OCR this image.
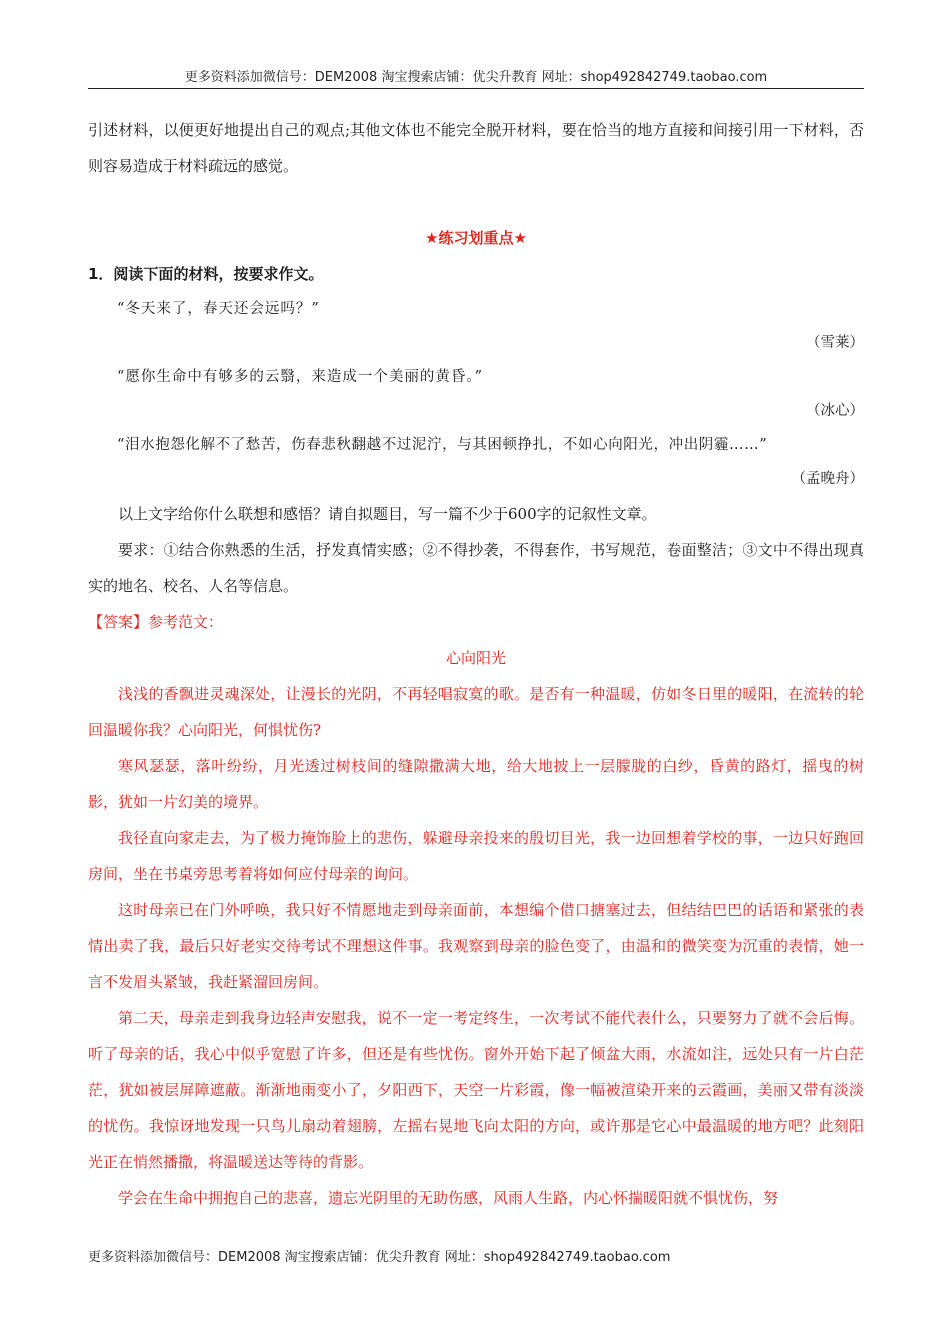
更多资料添加微信号：DEM2008 淘宝搜索店铺：优尖升教育 网址：shop492842749.taobao.com

引述材料，以便更好地提出自己的观点;其他文体也不能完全脱开材料，要在恰当的地方直接和间接引用一下材料，否则容易造成于材料疏远的感觉。

★练习划重点★
1．阅读下面的材料，按要求作文。
“冬天来了，春天还会远吗？”
（雪莱）
“愿你生命中有够多的云翳，来造成一个美丽的黄昏。”
（冰心）
“泪水抱怨化解不了愁苦，伤春悲秋翻越不过泥泞，与其困顿挣扎，不如心向阳光，冲出阴霾……”
（孟晚舟）

以上文字给你什么联想和感悟？请自拟题目，写一篇不少于600字的记叙性文章。

要求：①结合你熟悉的生活，抒发真情实感；②不得抄袭，不得套作，书写规范，卷面整洁；③文中不得出现真实的地名、校名、人名等信息。

【答案】参考范文：

心向阳光

浅浅的香飘进灵魂深处，让漫长的光阴，不再轻唱寂寞的歌。是否有一种温暖，仿如冬日里的暖阳，在流转的轮回温暖你我？心向阳光，何惧忧伤?

寒风瑟瑟，落叶纷纷，月光透过树枝间的缝隙撒满大地，给大地披上一层朦胧的白纱，昏黄的路灯，摇曳的树影，犹如一片幻美的境界。

我径直向家走去，为了极力掩饰脸上的悲伤，躲避母亲投来的殷切目光，我一边回想着学校的事，一边只好跑回房间，坐在书桌旁思考着将如何应付母亲的询问。

这时母亲已在门外呼唤，我只好不情愿地走到母亲面前，本想编个借口搪塞过去，但结结巴巴的话语和紧张的表情出卖了我，最后只好老实交待考试不理想这件事。我观察到母亲的脸色变了，由温和的微笑变为沉重的表情，她一言不发眉头紧皱，我赶紧溜回房间。

第二天，母亲走到我身边轻声安慰我，说不一定一考定终生，一次考试不能代表什么，只要努力了就不会后悔。听了母亲的话，我心中似乎宽慰了许多，但还是有些忧伤。窗外开始下起了倾盆大雨，水流如注，远处只有一片白茫茫，犹如被层屏障遮蔽。渐渐地雨变小了，夕阳西下，天空一片彩霞，像一幅被渲染开来的云霞画，美丽又带有淡淡的忧伤。我惊讶地发现一只鸟儿扇动着翅膀，左摇右晃地飞向太阳的方向，或许那是它心中最温暖的地方吧？此刻阳光正在悄然播撒，将温暖送达等待的背影。

学会在生命中拥抱自己的悲喜，遗忘光阴里的无助伤感，风雨人生路，内心怀揣暖阳就不惧忧伤，努

更多资料添加微信号：DEM2008 淘宝搜索店铺：优尖升教育 网址：shop492842749.taobao.com
